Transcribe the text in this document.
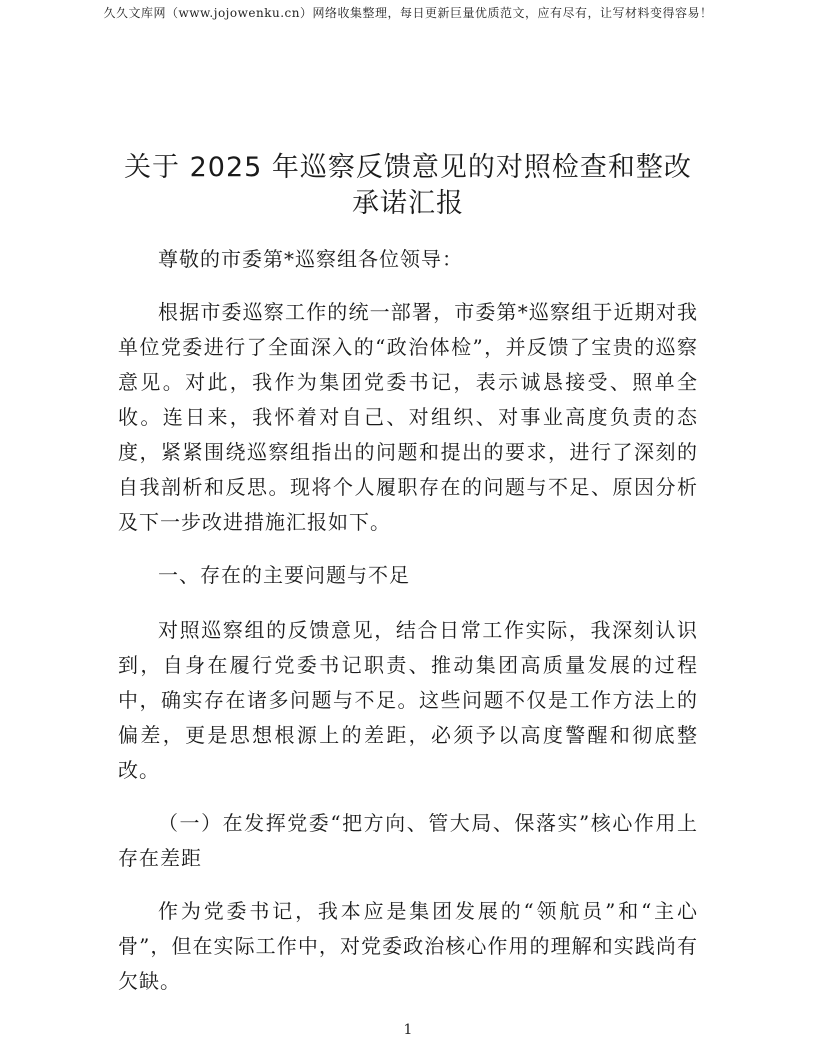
久久文库网（www.jojowenku.cn）网络收集整理，每日更新巨量优质范文，应有尽有，让写材料变得容易！
关于 2025 年巡察反馈意见的对照检查和整改承诺汇报

尊敬的市委第*巡察组各位领导：

根据市委巡察工作的统一部署，市委第*巡察组于近期对我单位党委进行了全面深入的“政治体检”，并反馈了宝贵的巡察意见。对此，我作为集团党委书记，表示诚恳接受、照单全收。连日来，我怀着对自己、对组织、对事业高度负责的态度，紧紧围绕巡察组指出的问题和提出的要求，进行了深刻的自我剖析和反思。现将个人履职存在的问题与不足、原因分析及下一步改进措施汇报如下。

一、存在的主要问题与不足

对照巡察组的反馈意见，结合日常工作实际，我深刻认识到，自身在履行党委书记职责、推动集团高质量发展的过程中，确实存在诸多问题与不足。这些问题不仅是工作方法上的偏差，更是思想根源上的差距，必须予以高度警醒和彻底整改。

（一）在发挥党委“把方向、管大局、保落实”核心作用上存在差距

作为党委书记，我本应是集团发展的“领航员”和“主心骨”，但在实际工作中，对党委政治核心作用的理解和实践尚有欠缺。

1
